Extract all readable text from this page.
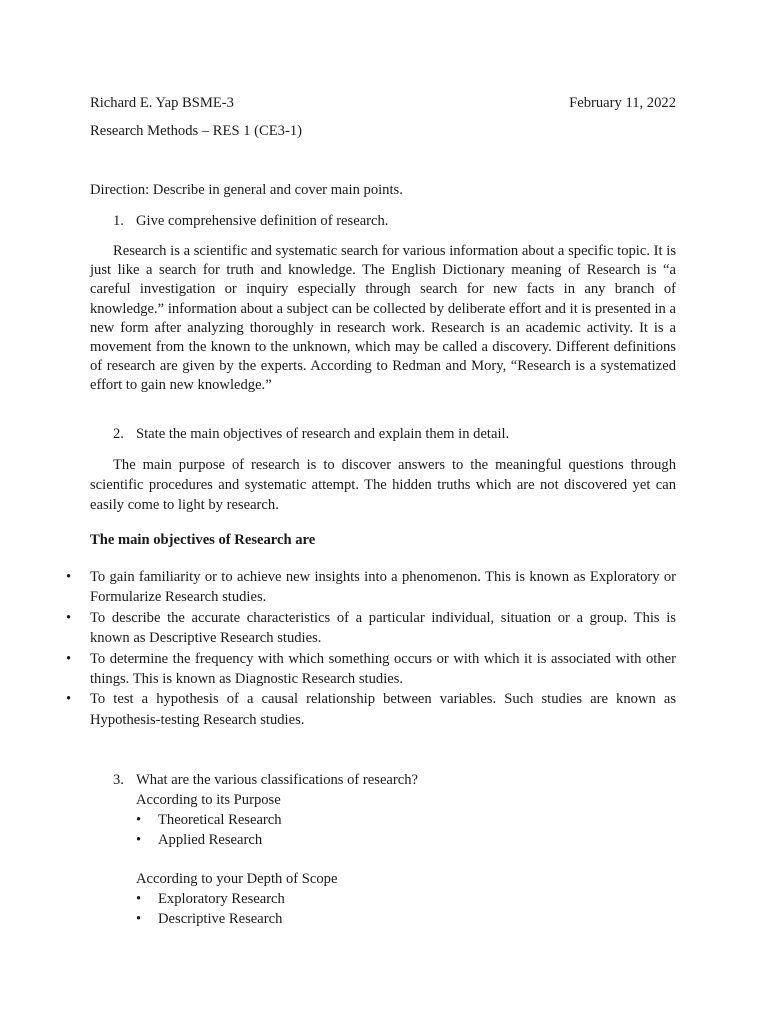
Richard E. Yap BSME-3	February 11, 2022
Research Methods – RES 1 (CE3-1)
Direction: Describe in general and cover main points.
1. Give comprehensive definition of research.

Research is a scientific and systematic search for various information about a specific topic. It is just like a search for truth and knowledge. The English Dictionary meaning of Research is “a careful investigation or inquiry especially through search for new facts in any branch of knowledge.” information about a subject can be collected by deliberate effort and it is presented in a new form after analyzing thoroughly in research work. Research is an academic activity. It is a movement from the known to the unknown, which may be called a discovery. Different definitions of research are given by the experts. According to Redman and Mory, “Research is a systematized effort to gain new knowledge.”

2. State the main objectives of research and explain them in detail.

The main purpose of research is to discover answers to the meaningful questions through scientific procedures and systematic attempt. The hidden truths which are not discovered yet can easily come to light by research.

The main objectives of Research are
• To gain familiarity or to achieve new insights into a phenomenon. This is known as Exploratory or Formularize Research studies.
• To describe the accurate characteristics of a particular individual, situation or a group. This is known as Descriptive Research studies.
• To determine the frequency with which something occurs or with which it is associated with other things. This is known as Diagnostic Research studies.
• To test a hypothesis of a causal relationship between variables. Such studies are known as Hypothesis-testing Research studies.
3. What are the various classifications of research?
According to its Purpose
• Theoretical Research
• Applied Research
According to your Depth of Scope
• Exploratory Research
• Descriptive Research
